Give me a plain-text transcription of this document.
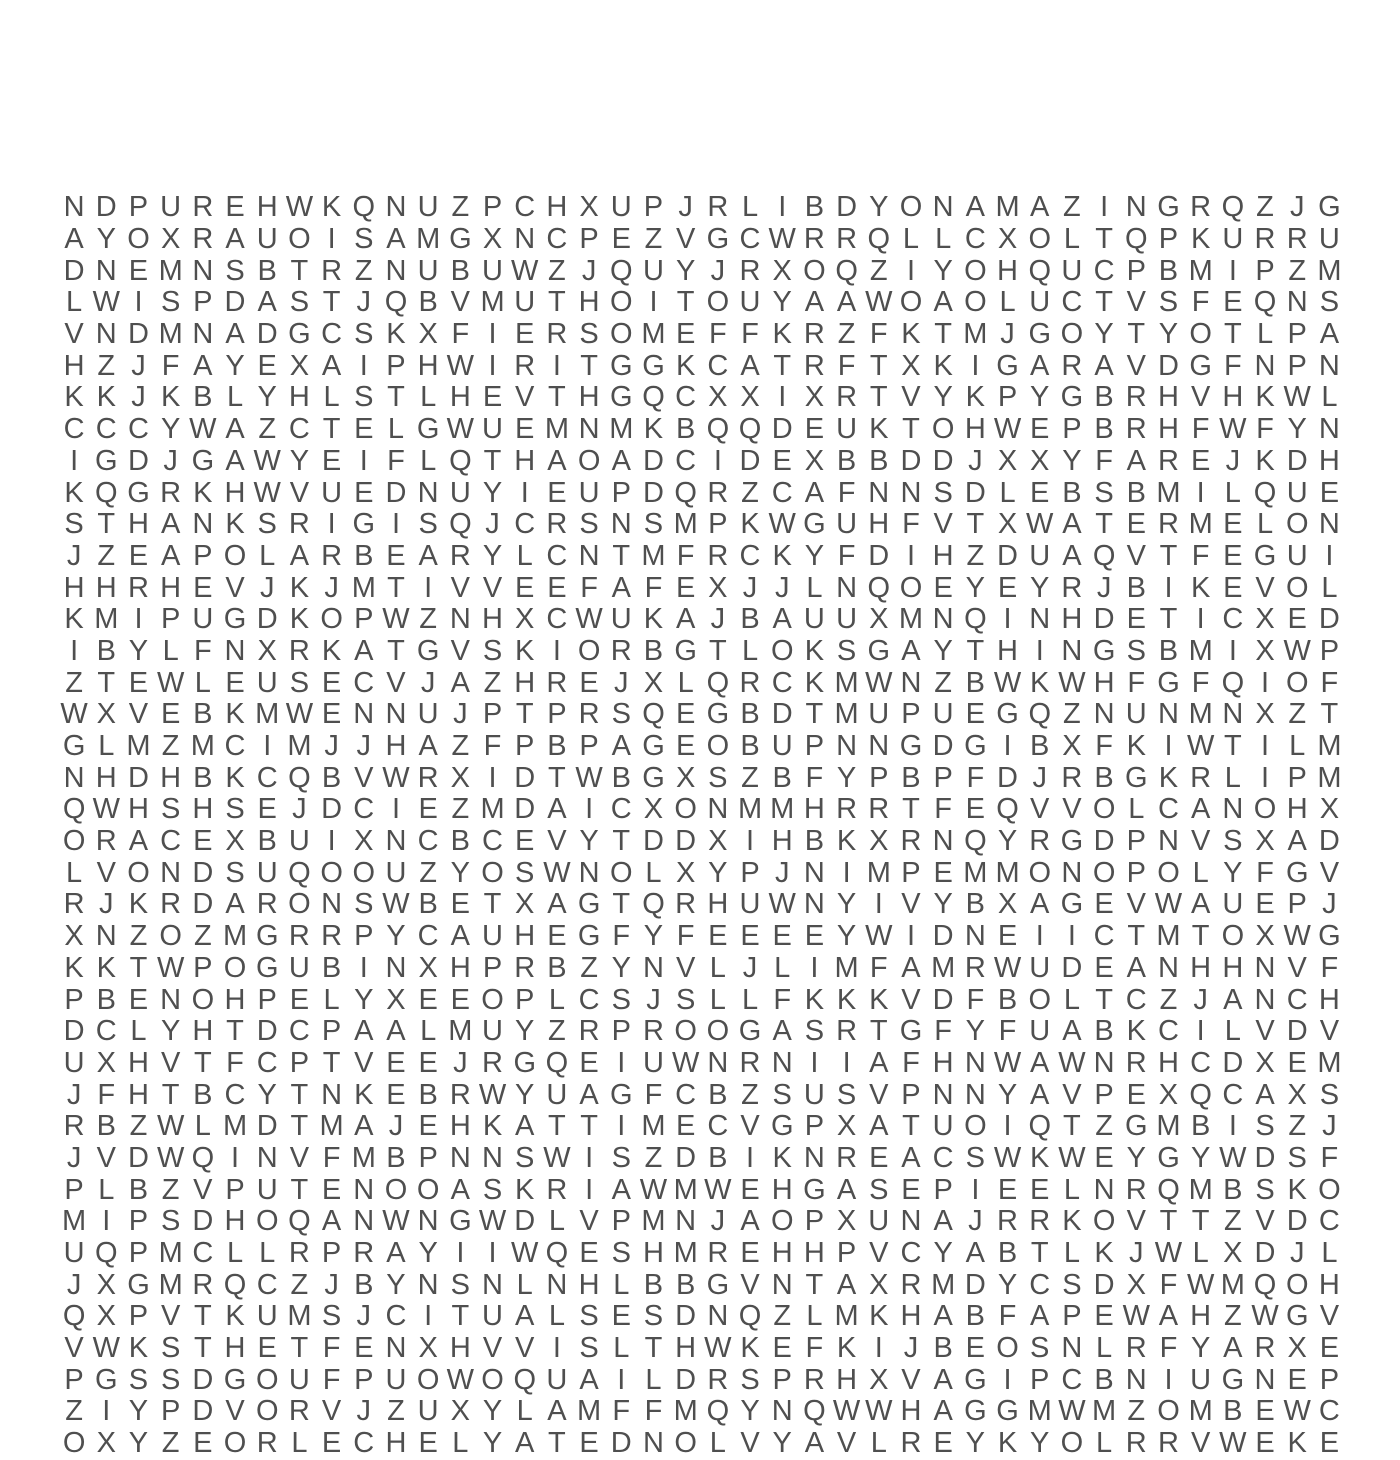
N D P U R E H W K Q N U Z P C H X U P J R L I B D Y O N A M A Z I N G R Q Z J G
A Y O X R A U O I S A M G X N C P E Z V G C W R R Q L L C X O L T Q P K U R R U
D N E M N S B T R Z N U B U W Z J Q U Y J R X O Q Z I Y O H Q U C P B M I P Z M
L W I S P D A S T J Q B V M U T H O I T O U Y A A W O A O L U C T V S F E Q N S
V N D M N A D G C S K X F I E R S O M E F F K R Z F K T M J G O Y T Y O T L P A
H Z J F A Y E X A I P H W I R I T G G K C A T R F T X K I G A R A V D G F N P N
K K J K B L Y H L S T L H E V T H G Q C X X I X R T V Y K P Y G B R H V H K W L
C C C Y W A Z C T E L G W U E M N M K B Q Q D E U K T O H W E P B R H F W F Y N
I G D J G A W Y E I F L Q T H A O A D C I D E X B B D D J X X Y F A R E J K D H
K Q G R K H W V U E D N U Y I E U P D Q R Z C A F N N S D L E B S B M I L Q U E
S T H A N K S R I G I S Q J C R S N S M P K W G U H F V T X W A T E R M E L O N
J Z E A P O L A R B E A R Y L C N T M F R C K Y F D I H Z D U A Q V T F E G U I
H H R H E V J K J M T I V V E E F A F E X J J L N Q O E Y E Y R J B I K E V O L
K M I P U G D K O P W Z N H X C W U K A J B A U U X M N Q I N H D E T I C X E D
I B Y L F N X R K A T G V S K I O R B G T L O K S G A Y T H I N G S B M I X W P
Z T E W L E U S E C V J A Z H R E J X L Q R C K M W N Z B W K W H F G F Q I O F
W X V E B K M W E N N U J P T P R S Q E G B D T M U P U E G Q Z N U N M N X Z T
G L M Z M C I M J J H A Z F P B P A G E O B U P N N G D G I B X F K I W T I L M
N H D H B K C Q B V W R X I D T W B G X S Z B F Y P B P F D J R B G K R L I P M
Q W H S H S E J D C I E Z M D A I C X O N M M H R R T F E Q V V O L C A N O H X
O R A C E X B U I X N C B C E V Y T D D X I H B K X R N Q Y R G D P N V S X A D
L V O N D S U Q O O U Z Y O S W N O L X Y P J N I M P E M M O N O P O L Y F G V
R J K R D A R O N S W B E T X A G T Q R H U W N Y I V Y B X A G E V W A U E P J
X N Z O Z M G R R P Y C A U H E G F Y F E E E E Y W I D N E I I C T M T O X W G
K K T W P O G U B I N X H P R B Z Y N V L J L I M F A M R W U D E A N H H N V F
P B E N O H P E L Y X E E O P L C S J S L L F K K K V D F B O L T C Z J A N C H
D C L Y H T D C P A A L M U Y Z R P R O O G A S R T G F Y F U A B K C I L V D V
U X H V T F C P T V E E J R G Q E I U W N R N I I A F H N W A W N R H C D X E M
J F H T B C Y T N K E B R W Y U A G F C B Z S U S V P N N Y A V P E X Q C A X S
R B Z W L M D T M A J E H K A T T I M E C V G P X A T U O I Q T Z G M B I S Z J
J V D W Q I N V F M B P N N S W I S Z D B I K N R E A C S W K W E Y G Y W D S F
P L B Z V P U T E N O O A S K R I A W M W E H G A S E P I E E L N R Q M B S K O
M I P S D H O Q A N W N G W D L V P M N J A O P X U N A J R R K O V T T Z V D C
U Q P M C L L R P R A Y I I W Q E S H M R E H H P V C Y A B T L K J W L X D J L
J X G M R Q C Z J B Y N S N L N H L B B G V N T A X R M D Y C S D X F W M Q O H
Q X P V T K U M S J C I T U A L S E S D N Q Z L M K H A B F A P E W A H Z W G V
V W K S T H E T F E N X H V V I S L T H W K E F K I J B E O S N L R F Y A R X E
P G S S D G O U F P U O W O Q U A I L D R S P R H X V A G I P C B N I U G N E P
Z I Y P D V O R V J Z U X Y L A M F F M Q Y N Q W W H A G G M W M Z O M B E W C
O X Y Z E O R L E C H E L Y A T E D N O L V Y A V L R E Y K Y O L R R V W E K E
